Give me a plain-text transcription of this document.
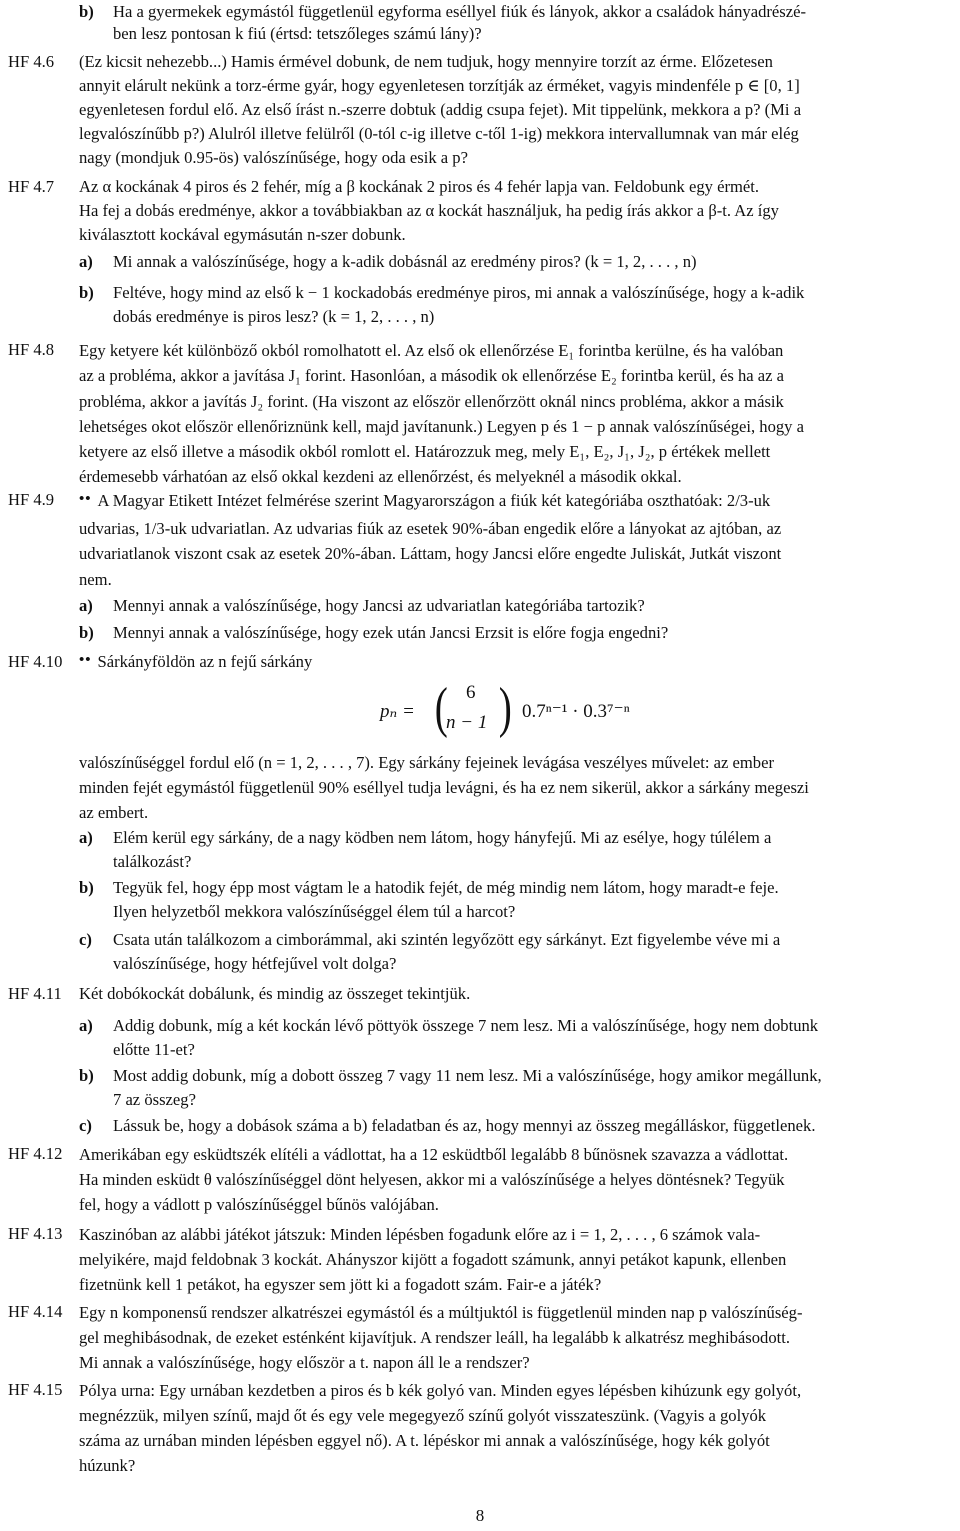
b) Ha a gyermekek egymástól függetlenül egyforma eséllyel fiúk és lányok, akkor a családok hányadrészé-
ben lesz pontosan k fiú (értsd: tetszőleges számú lány)?
HF 4.6 (Ez kicsit nehezebb...) Hamis érmével dobunk, de nem tudjuk, hogy mennyire torzít az érme. Előzetesen
annyit elárult nekünk a torz-érme gyár, hogy egyenletesen torzítják az érméket, vagyis mindenféle p ∈ [0, 1]
egyenletesen fordul elő. Az első írást n.-szerre dobtuk (addig csupa fejet). Mit tippelünk, mekkora a p? (Mi a
legvalószínűbb p?) Alulról illetve felülről (0-tól c-ig illetve c-től 1-ig) mekkora intervallumnak van már elég
nagy (mondjuk 0.95-ös) valószínűsége, hogy oda esik a p?
HF 4.7 Az α kockának 4 piros és 2 fehér, míg a β kockának 2 piros és 4 fehér lapja van. Feldobunk egy érmét.
Ha fej a dobás eredménye, akkor a továbbiakban az α kockát használjuk, ha pedig írás akkor a β-t. Az így
kiválasztott kockával egymásután n-szer dobunk.
a) Mi annak a valószínűsége, hogy a k-adik dobásnál az eredmény piros? (k = 1, 2, . . . , n)
b) Feltéve, hogy mind az első k − 1 kockadobás eredménye piros, mi annak a valószínűsége, hogy a k-adik
dobás eredménye is piros lesz? (k = 1, 2, . . . , n)
HF 4.8 Egy ketyere két különböző okból romolhatott el. Az első ok ellenőrzése E₁ forintba kerülne, és ha valóban
az a probléma, akkor a javítása J₁ forint. Hasonlóan, a második ok ellenőrzése E₂ forintba kerül, és ha az a
probléma, akkor a javítás J₂ forint. (Ha viszont az először ellenőrzött oknál nincs probléma, akkor a másik
lehetséges okot először ellenőriznünk kell, majd javítanunk.) Legyen p és 1 − p annak valószínűségei, hogy a
ketyere az első illetve a második okból romlott el. Határozzuk meg, mely E₁, E₂, J₁, J₂, p értékek mellett
érdemesebb várhatóan az első okkal kezdeni az ellenőrzést, és melyeknél a második okkal.
HF 4.9 •• A Magyar Etikett Intézet felmérése szerint Magyarországon a fiúk két kategóriába oszthatóak: 2/3-uk
udvarias, 1/3-uk udvariatlan. Az udvarias fiúk az esetek 90%-ában engedik előre a lányokat az ajtóban, az
udvariatlanok viszont csak az esetek 20%-ában. Láttam, hogy Jancsi előre engedte Juliskát, Jutkát viszont
nem.
a) Mennyi annak a valószínűsége, hogy Jancsi az udvariatlan kategóriába tartozik?
b) Mennyi annak a valószínűsége, hogy ezek után Jancsi Erzsit is előre fogja engedni?
HF 4.10 •• Sárkányföldön az n fejű sárkány
pₙ = ( 6
n − 1 ) 0.7ⁿ⁻¹ · 0.3⁷⁻ⁿ
valószínűséggel fordul elő (n = 1, 2, . . . , 7). Egy sárkány fejeinek levágása veszélyes művelet: az ember
minden fejét egymástól függetlenül 90% eséllyel tudja levágni, és ha ez nem sikerül, akkor a sárkány megeszi
az embert.
a) Elém kerül egy sárkány, de a nagy ködben nem látom, hogy hányfejű. Mi az esélye, hogy túlélem a
találkozást?
b) Tegyük fel, hogy épp most vágtam le a hatodik fejét, de még mindig nem látom, hogy maradt-e feje.
Ilyen helyzetből mekkora valószínűséggel élem túl a harcot?
c) Csata után találkozom a cimborámmal, aki szintén legyőzött egy sárkányt. Ezt figyelembe véve mi a
valószínűsége, hogy hétfejűvel volt dolga?
HF 4.11 Két dobókockát dobálunk, és mindig az összeget tekintjük.
a) Addig dobunk, míg a két kockán lévő pöttyök összege 7 nem lesz. Mi a valószínűsége, hogy nem dobtunk
előtte 11-et?
b) Most addig dobunk, míg a dobott összeg 7 vagy 11 nem lesz. Mi a valószínűsége, hogy amikor megállunk,
7 az összeg?
c) Lássuk be, hogy a dobások száma a b) feladatban és az, hogy mennyi az összeg megálláskor, függetlenek.
HF 4.12 Amerikában egy esküdtszék elítéli a vádlottat, ha a 12 esküdtből legalább 8 bűnösnek szavazza a vádlottat.
Ha minden esküdt θ valószínűséggel dönt helyesen, akkor mi a valószínűsége a helyes döntésnek? Tegyük
fel, hogy a vádlott p valószínűséggel bűnös valójában.
HF 4.13 Kaszinóban az alábbi játékot játszuk: Minden lépésben fogadunk előre az i = 1, 2, . . . , 6 számok vala-
melyikére, majd feldobnak 3 kockát. Ahányszor kijött a fogadott számunk, annyi petákot kapunk, ellenben
fizetnünk kell 1 petákot, ha egyszer sem jött ki a fogadott szám. Fair-e a játék?
HF 4.14 Egy n komponensű rendszer alkatrészei egymástól és a múltjuktól is függetlenül minden nap p valószínűség-
gel meghibásodnak, de ezeket esténként kijavítjuk. A rendszer leáll, ha legalább k alkatrész meghibásodott.
Mi annak a valószínűsége, hogy először a t. napon áll le a rendszer?
HF 4.15 Pólya urna: Egy urnában kezdetben a piros és b kék golyó van. Minden egyes lépésben kihúzunk egy golyót,
megnézzük, milyen színű, majd őt és egy vele megegyező színű golyót visszateszünk. (Vagyis a golyók
száma az urnában minden lépésben eggyel nő). A t. lépéskor mi annak a valószínűsége, hogy kék golyót
húzunk?
8
